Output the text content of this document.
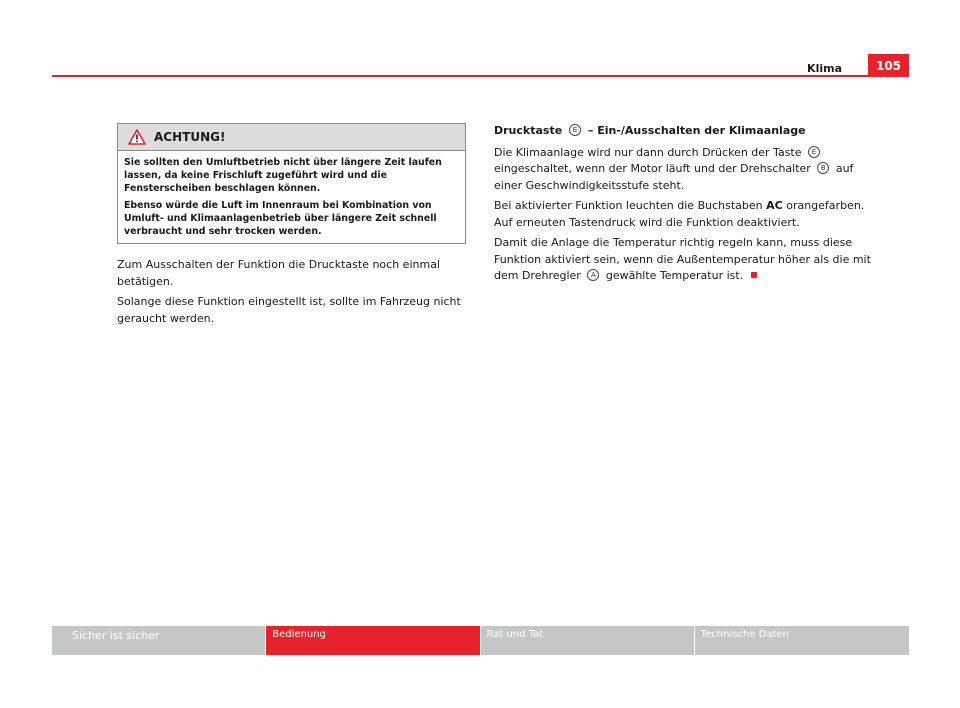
Klima	105
ACHTUNG!

Sie sollten den Umluftbetrieb nicht über längere Zeit laufen lassen, da keine Frischluft zugeführt wird und die Fensterscheiben beschlagen können.

Ebenso würde die Luft im Innenraum bei Kombination von Umluft- und Klimaanlagenbetrieb über längere Zeit schnell verbraucht und sehr trocken werden.

Zum Ausschalten der Funktion die Drucktaste noch einmal betätigen.

Solange diese Funktion eingestellt ist, sollte im Fahrzeug nicht geraucht werden.

Drucktaste E – Ein-/Ausschalten der Klimaanlage

Die Klimaanlage wird nur dann durch Drücken der Taste E eingeschaltet, wenn der Motor läuft und der Drehschalter B auf einer Geschwindigkeitsstufe steht.

Bei aktivierter Funktion leuchten die Buchstaben AC orangefarben. Auf erneuten Tastendruck wird die Funktion deaktiviert.

Damit die Anlage die Temperatur richtig regeln kann, muss diese Funktion aktiviert sein, wenn die Außentemperatur höher als die mit dem Drehregler A gewählte Temperatur ist.

Sicher ist sicher	Bedienung	Rat und Tat	Technische Daten
